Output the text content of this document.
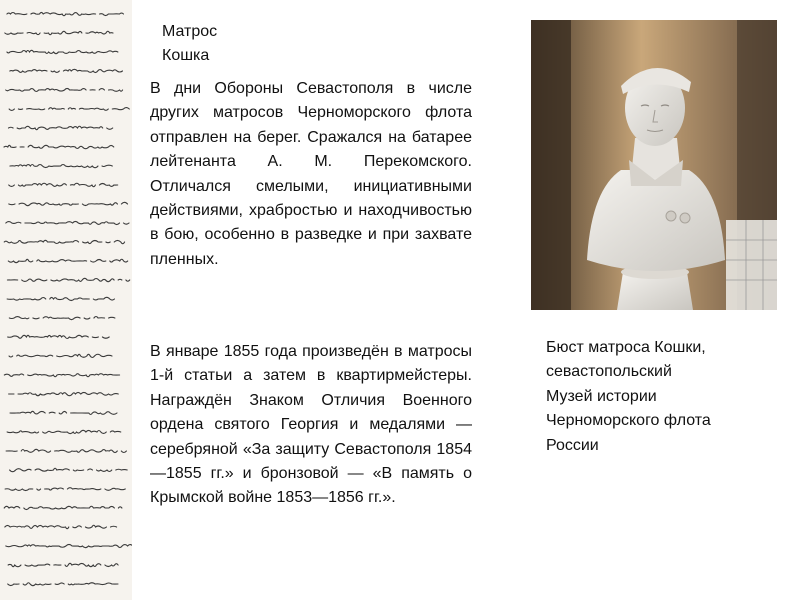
Матрос
Кошка

В дни Обороны Севастополя в числе других матросов Черноморского флота отправлен на берег. Сражался на батарее лейтенанта А. М. Перекомского. Отличался смелыми, инициативными действиями, храбростью и находчивостью в бою, особенно в разведке и при захвате пленных.

В январе 1855 года произведён в матросы 1-й статьи а затем в квартирмейстеры. Награждён Знаком Отличия Военного ордена святого Георгия и медалями — серебряной «За защиту Севастополя 1854—1855 гг.» и бронзовой — «В память о Крымской войне 1853—1856 гг.».

Бюст матроса Кошки,
севастопольский
Музей истории
Черноморского флота
России
